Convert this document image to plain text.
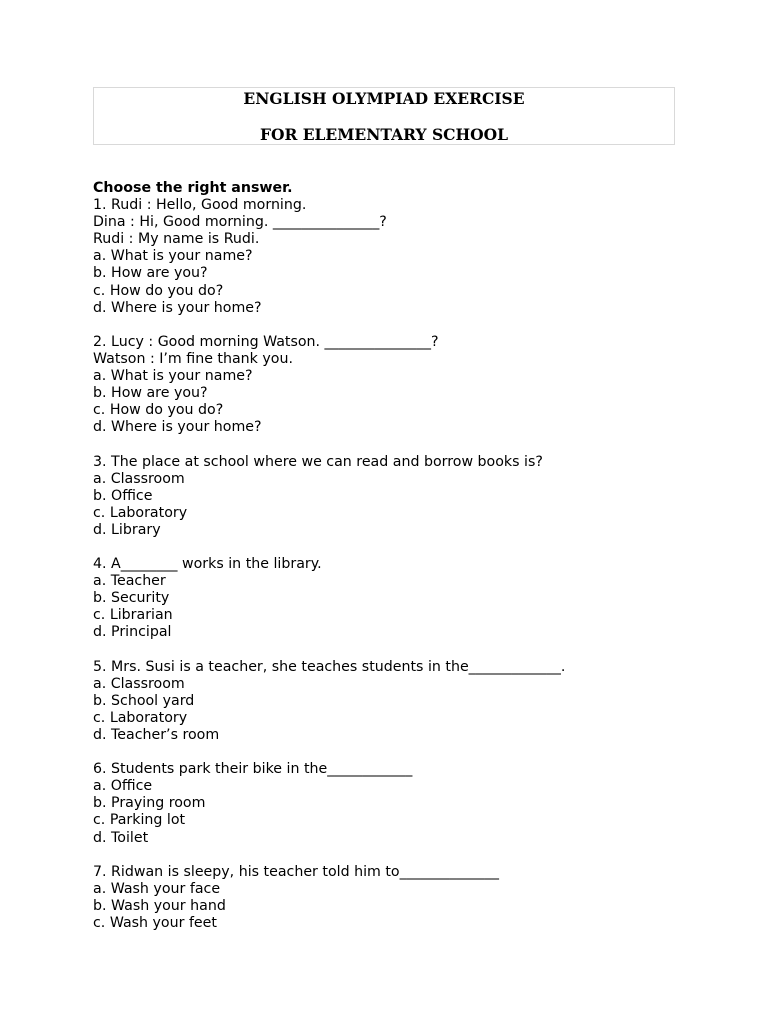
ENGLISH OLYMPIAD EXERCISE
FOR ELEMENTARY SCHOOL
Choose the right answer.
1. Rudi : Hello, Good morning.
Dina : Hi, Good morning. _______________?
Rudi : My name is Rudi.
a. What is your name?
b. How are you?
c. How do you do?
d. Where is your home?
2. Lucy : Good morning Watson. _______________?
Watson : I’m fine thank you.
a. What is your name?
b. How are you?
c. How do you do?
d. Where is your home?
3. The place at school where we can read and borrow books is?
a. Classroom
b. Office
c. Laboratory
d. Library
4. A________ works in the library.
a. Teacher
b. Security
c. Librarian
d. Principal
5. Mrs. Susi is a teacher, she teaches students in the_____________.
a. Classroom
b. School yard
c. Laboratory
d. Teacher’s room
6. Students park their bike in the____________
a. Office
b. Praying room
c. Parking lot
d. Toilet
7. Ridwan is sleepy, his teacher told him to______________
a. Wash your face
b. Wash your hand
c. Wash your feet
